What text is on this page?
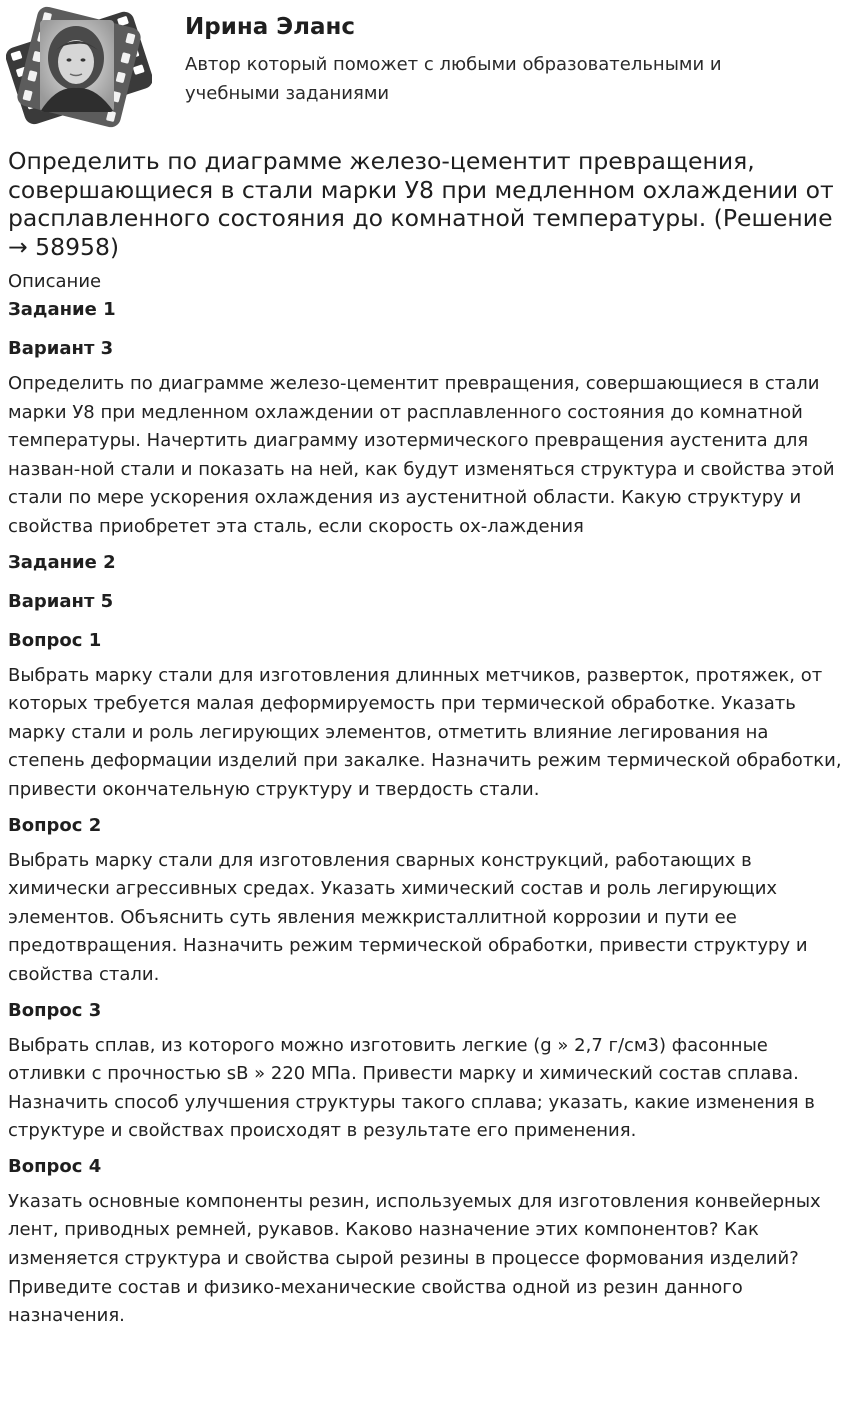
Ирина Эланс
Автор который поможет с любыми образовательными и учебными заданиями
Определить по диаграмме железо-цементит превращения, совершающиеся в стали марки У8 при медленном охлаждении от расплавленного состояния до комнатной температуры. (Решение → 58958)
Описание
Задание 1
Вариант 3

Определить по диаграмме железо-цементит превращения, совершающиеся в стали марки У8 при медленном охлаждении от расплавленного состояния до комнатной температуры. Начертить диаграмму изотермического превращения аустенита для назван-ной стали и показать на ней, как будут изменяться структура и свойства этой стали по мере ускорения охлаждения из аустенитной области. Какую структуру и свойства приобретет эта сталь, если скорость ох-лаждения

Задание 2
Вариант 5
Вопрос 1

Выбрать марку стали для изготовления длинных метчиков, разверток, протяжек, от которых требуется малая деформируемость при термической обработке. Указать марку стали и роль легирующих элементов, отметить влияние легирования на степень деформации изделий при закалке. Назначить режим термической обработки, привести окончательную структуру и твердость стали.

Вопрос 2

Выбрать марку стали для изготовления сварных конструкций, работающих в химически агрессивных средах. Указать химический состав и роль легирующих элементов. Объяснить суть явления межкристаллитной коррозии и пути ее предотвращения. Назначить режим термической обработки, привести структуру и свойства стали.

Вопрос 3

Выбрать сплав, из которого можно изготовить легкие (g » 2,7 г/см3) фасонные отливки с прочностью sB » 220 МПа. Привести марку и химический состав сплава. Назначить способ улучшения структуры такого сплава; указать, какие изменения в структуре и свойствах происходят в результате его применения.

Вопрос 4

Указать основные компоненты резин, используемых для изготовления конвейерных лент, приводных ремней, рукавов. Каково назначение этих компонентов? Как изменяется структура и свойства сырой резины в процессе формования изделий? Приведите состав и физико-механические свойства одной из резин данного назначения.
